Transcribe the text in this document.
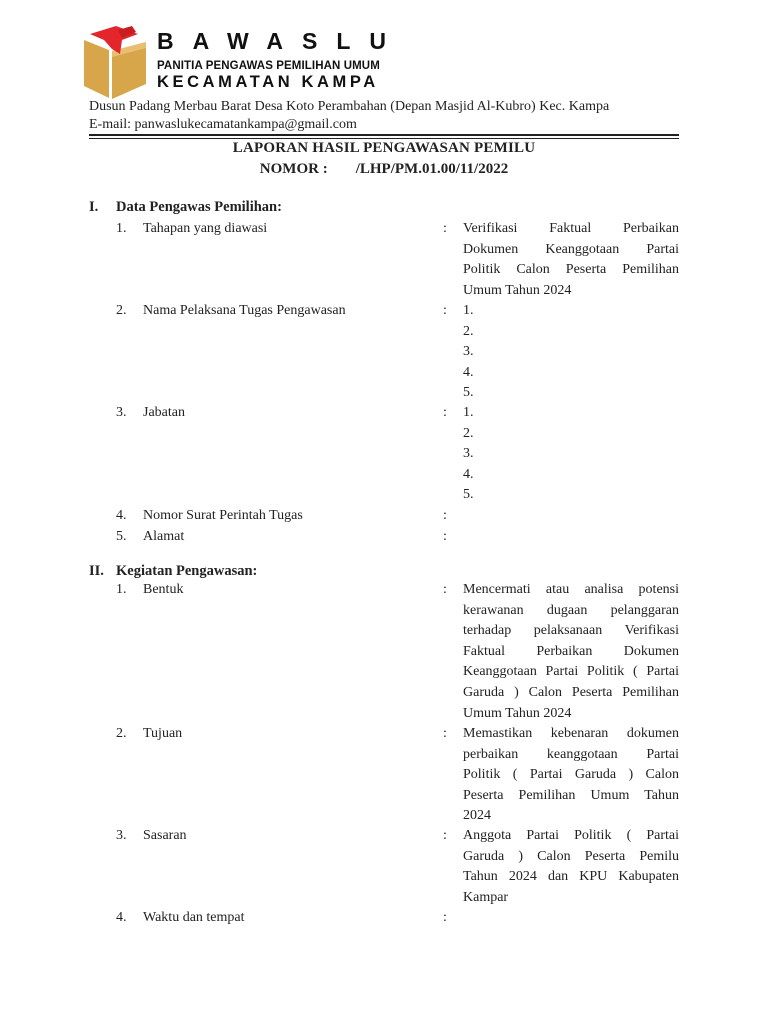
BAWASLU
PANITIA PENGAWAS PEMILIHAN UMUM
KECAMATAN KAMPA
Dusun Padang Merbau Barat Desa Koto Perambahan (Depan Masjid Al-Kubro) Kec. Kampa
E-mail: panwaslukecamatankampa@gmail.com
LAPORAN HASIL PENGAWASAN PEMILU
NOMOR : /LHP/PM.01.00/11/2022
I. Data Pengawas Pemilihan:
1.	Tahapan yang diawasi	: Verifikasi Faktual Perbaikan
Dokumen Keanggotaan Partai
Politik Calon Peserta Pemilihan
Umum Tahun 2024
2.	Nama Pelaksana Tugas Pengawasan	: 1.
2.
3.
4.
5.
3.	Jabatan	: 1.
2.
3.
4.
5.
4.	Nomor Surat Perintah Tugas	:
5.	Alamat	:
II. Kegiatan Pengawasan:
1.	Bentuk	: Mencermati atau analisa potensi
kerawanan dugaan pelanggaran
terhadap pelaksanaan Verifikasi
Faktual Perbaikan Dokumen
Keanggotaan Partai Politik ( Partai
Garuda ) Calon Peserta Pemilihan
Umum Tahun 2024
2.	Tujuan	: Memastikan kebenaran dokumen
perbaikan keanggotaan Partai
Politik ( Partai Garuda ) Calon
Peserta Pemilihan Umum Tahun
2024
3.	Sasaran	: Anggota Partai Politik ( Partai
Garuda ) Calon Peserta Pemilu
Tahun 2024 dan KPU Kabupaten
Kampar
4.	Waktu dan tempat	:
